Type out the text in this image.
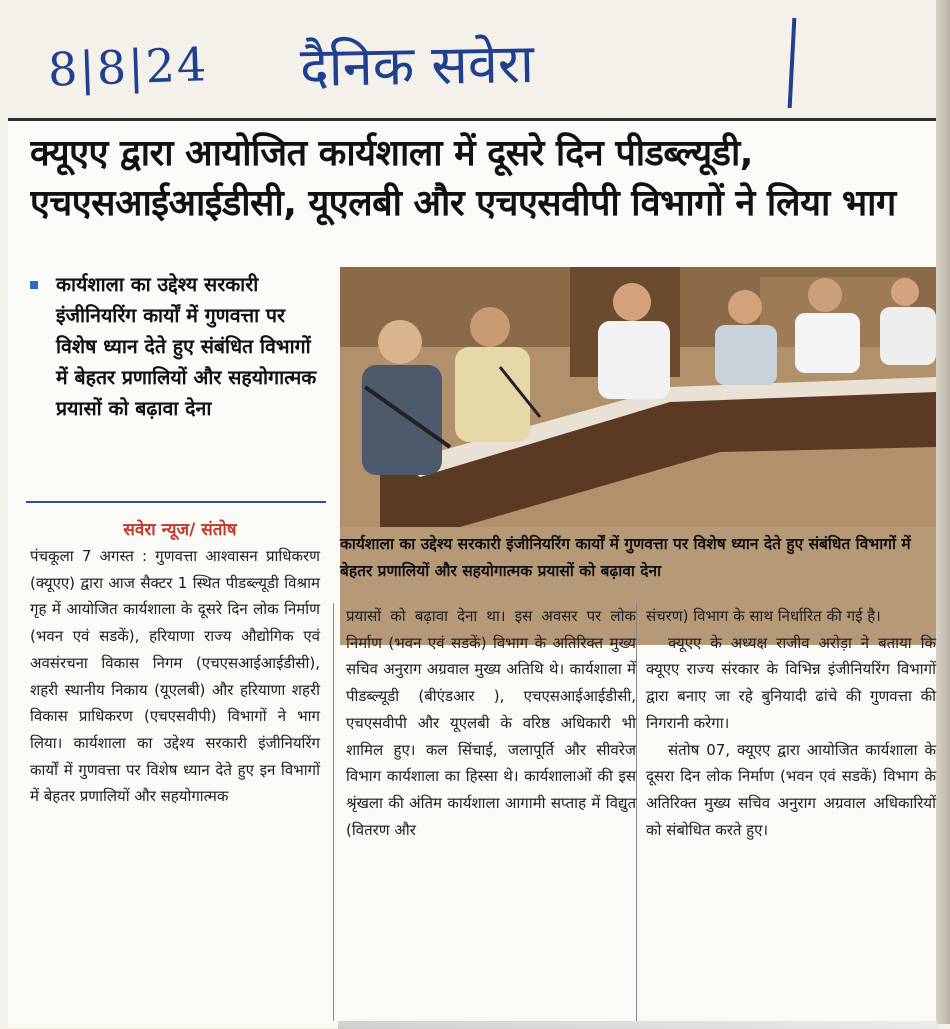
8|8|24 दैनिक सवेरा
क्यूएए द्वारा आयोजित कार्यशाला में दूसरे दिन पीडब्ल्यूडी,
एचएसआईआईडीसी, यूएलबी और एचएसवीपी विभागों ने लिया भाग
कार्यशाला का उद्देश्य सरकारी इंजीनियरिंग कार्यों में गुणवत्ता पर विशेष ध्यान देते हुए संबंधित विभागों में बेहतर प्रणालियों और सहयोगात्मक प्रयासों को बढ़ावा देना
कार्यशाला का उद्देश्य सरकारी इंजीनियरिंग कार्यों में गुणवत्ता पर विशेष ध्यान देते हुए संबंधित विभागों में बेहतर प्रणालियों और सहयोगात्मक प्रयासों को बढ़ावा देना
सवेरा न्यूज/ संतोष

पंचकूला 7 अगस्त : गुणवत्ता आश्वासन प्राधिकरण (क्यूएए) द्वारा आज सैक्टर 1 स्थित पीडब्ल्यूडी विश्राम गृह में आयोजित कार्यशाला के दूसरे दिन लोक निर्माण (भवन एवं सडकें), हरियाणा राज्य औद्योगिक एवं अवसंरचना विकास निगम (एचएसआईआईडीसी), शहरी स्थानीय निकाय (यूएलबी) और हरियाणा शहरी विकास प्राधिकरण (एचएसवीपी) विभागों ने भाग लिया। कार्यशाला का उद्देश्य सरकारी इंजीनियरिंग कार्यों में गुणवत्ता पर विशेष ध्यान देते हुए इन विभागों में बेहतर प्रणालियों और सहयोगात्मक

प्रयासों को बढ़ावा देना था। इस अवसर पर लोक निर्माण (भवन एवं सडकें) विभाग के अतिरिक्त मुख्य सचिव अनुराग अग्रवाल मुख्य अतिथि थे। कार्यशाला में पीडब्ल्यूडी (बीएंडआर ), एचएसआईआईडीसी, एचएसवीपी और यूएलबी के वरिष्ठ अधिकारी भी शामिल हुए। कल सिंचाई, जलापूर्ति और सीवरेज विभाग कार्यशाला का हिस्सा थे। कार्यशालाओं की इस श्रृंखला की अंतिम कार्यशाला आगामी सप्ताह में विद्युत (वितरण और

संचरण) विभाग के साथ निर्धारित की गई है।

क्यूएए के अध्यक्ष राजीव अरोड़ा ने बताया कि क्यूएए राज्य संरकार के विभिन्न इंजीनियरिंग विभागों द्वारा बनाए जा रहे बुनियादी ढांचे की गुणवत्ता की निगरानी करेगा।

संतोष 07, क्यूएए द्वारा आयोजित कार्यशाला के दूसरा दिन लोक निर्माण (भवन एवं सडकें) विभाग के अतिरिक्त मुख्य सचिव अनुराग अग्रवाल अधिकारियों को संबोधित करते हुए।
